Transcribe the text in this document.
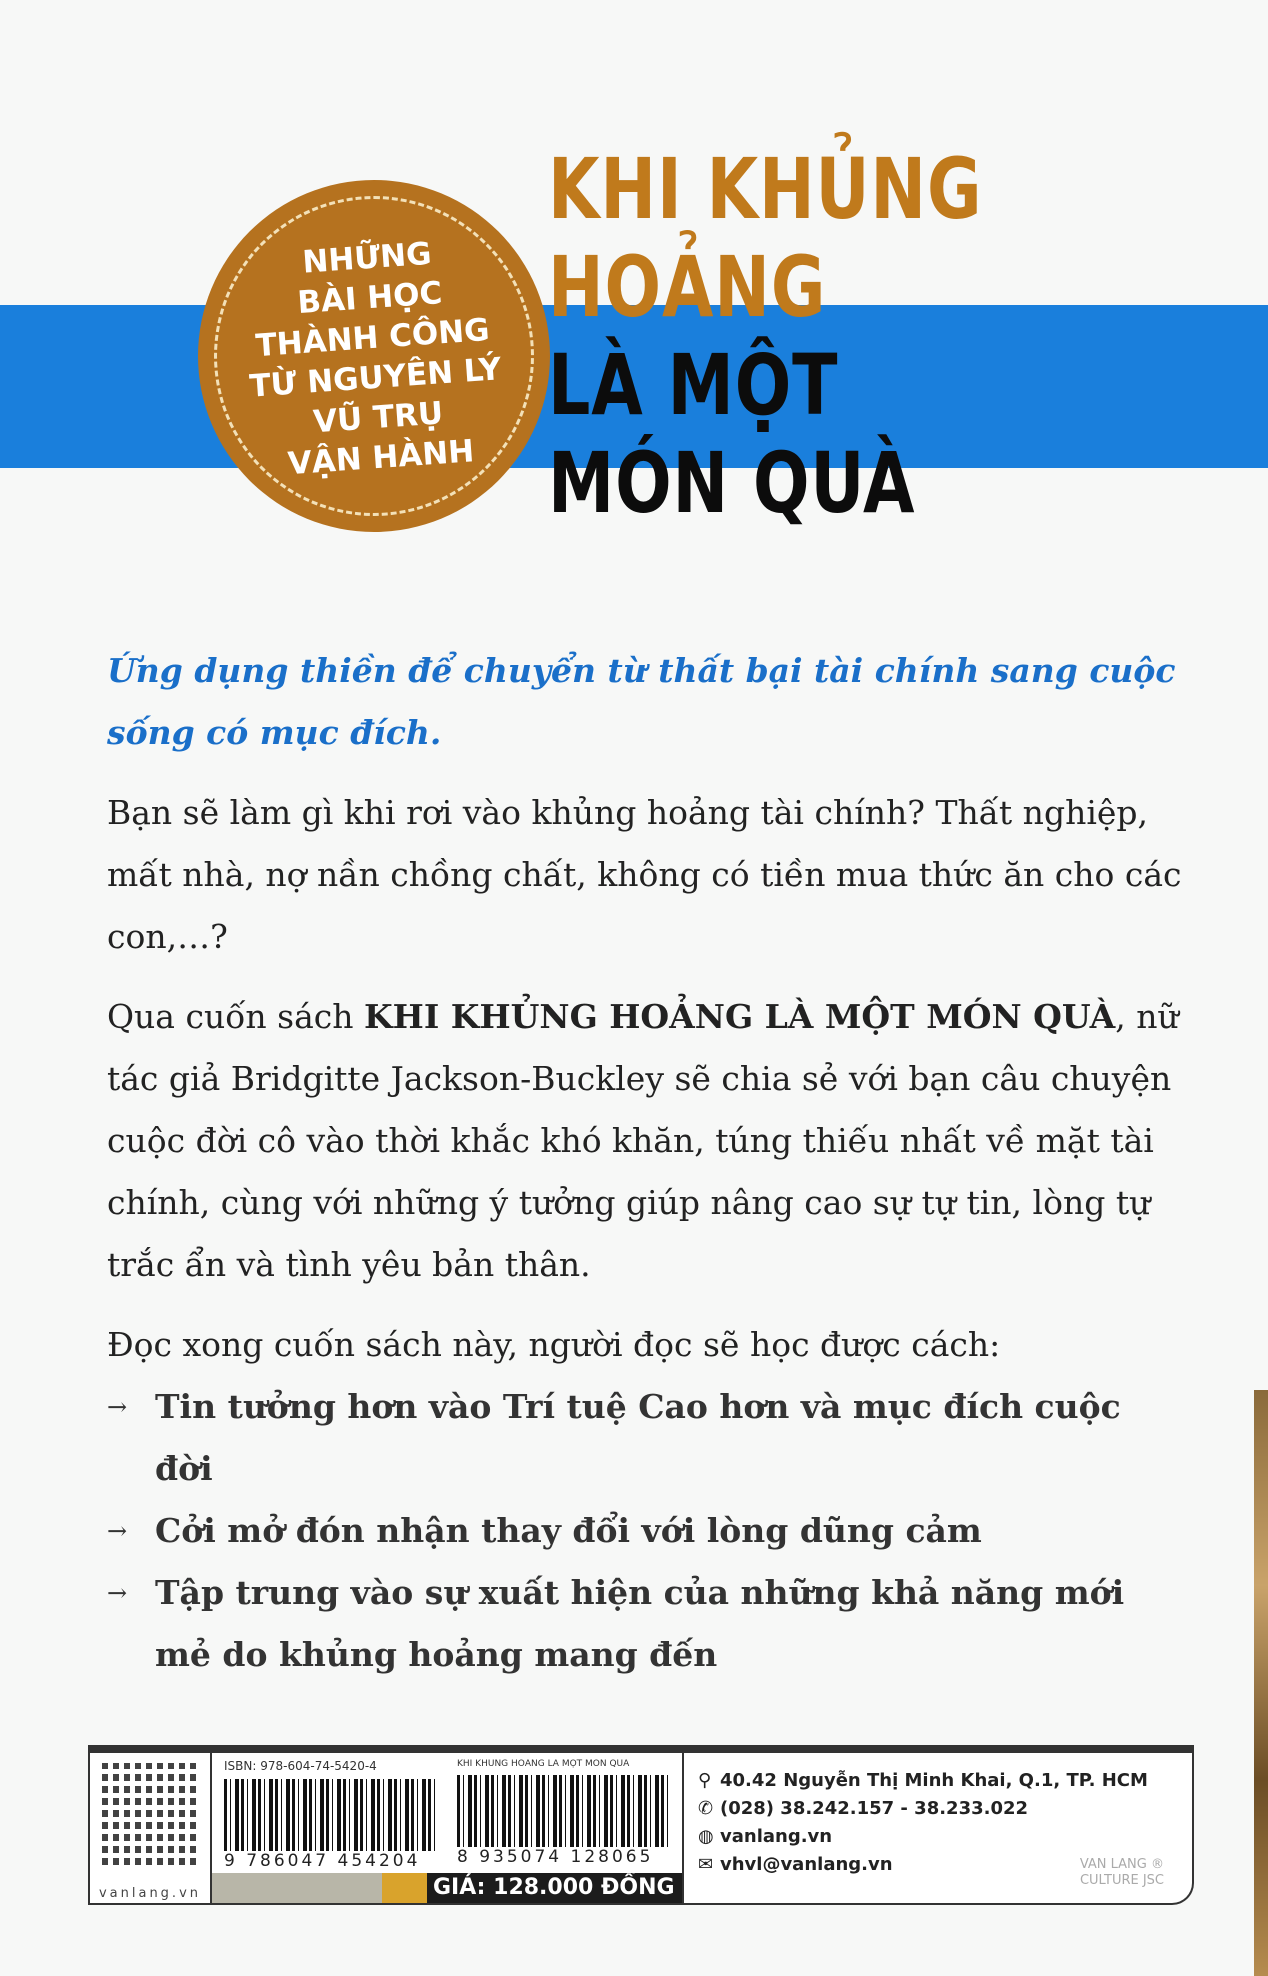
NHỮNG
BÀI HỌC
THÀNH CÔNG
TỪ NGUYÊN LÝ
VŨ TRỤ
VẬN HÀNH
KHI KHỦNG
HOẢNG
LÀ MỘT
MÓN QUÀ

Ứng dụng thiền để chuyển từ thất bại tài chính sang cuộc sống có mục đích.

Bạn sẽ làm gì khi rơi vào khủng hoảng tài chính? Thất nghiệp, mất nhà, nợ nần chồng chất, không có tiền mua thức ăn cho các con,…?

Qua cuốn sách KHI KHỦNG HOẢNG LÀ MỘT MÓN QUÀ, nữ tác giả Bridgitte Jackson-Buckley sẽ chia sẻ với bạn câu chuyện cuộc đời cô vào thời khắc khó khăn, túng thiếu nhất về mặt tài chính, cùng với những ý tưởng giúp nâng cao sự tự tin, lòng tự trắc ẩn và tình yêu bản thân.

Đọc xong cuốn sách này, người đọc sẽ học được cách:

→ Tin tưởng hơn vào Trí tuệ Cao hơn và mục đích cuộc đời
→ Cởi mở đón nhận thay đổi với lòng dũng cảm
→ Tập trung vào sự xuất hiện của những khả năng mới mẻ do khủng hoảng mang đến
vanlang.vn
ISBN: 978-604-74-5420-4
9 786047 454204
KHI KHỦNG HOẢNG LÀ MỘT MÓN QUÀ
8 935074 128065
GIÁ: 128.000 ĐỒNG
⚲ 40.42 Nguyễn Thị Minh Khai, Q.1, TP. HCM
✆ (028) 38.242.157 - 38.233.022
◍ vanlang.vn
✉ vhvl@vanlang.vn	VAN LANG ®
CULTURE JSC
